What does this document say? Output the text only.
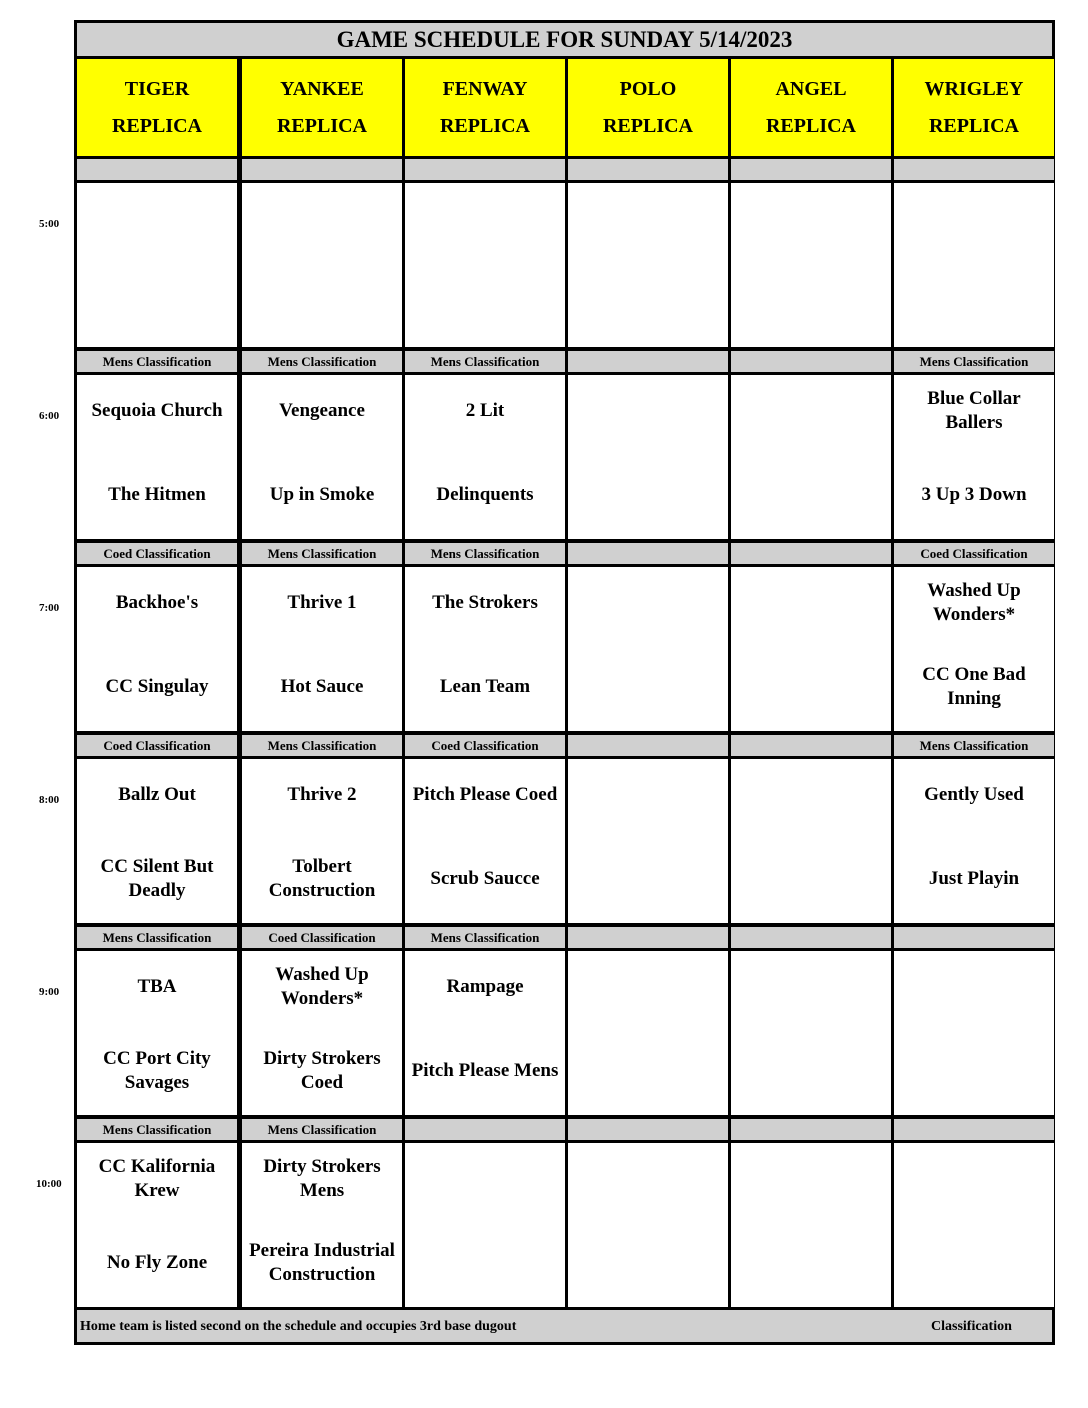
GAME SCHEDULE FOR SUNDAY 5/14/2023
TIGER
REPLICA
YANKEE
REPLICA
FENWAY
REPLICA
POLO
REPLICA
ANGEL
REPLICA
WRIGLEY
REPLICA
Mens Classification
Sequoia Church
The Hitmen
Mens Classification
Vengeance
Up in Smoke
Mens Classification
2 Lit
Delinquents
Mens Classification
Blue Collar Ballers
3 Up 3 Down
Coed Classification
Backhoe's
CC Singulay
Mens Classification
Thrive 1
Hot Sauce
Mens Classification
The Strokers
Lean Team
Coed Classification
Washed Up Wonders*
CC One Bad Inning
Coed Classification
Ballz Out
CC Silent But Deadly
Mens Classification
Thrive 2
Tolbert Construction
Coed Classification
Pitch Please Coed
Scrub Saucce
Mens Classification
Gently Used
Just Playin
Mens Classification
TBA
CC Port City Savages
Coed Classification
Washed Up Wonders*
Dirty Strokers Coed
Mens Classification
Rampage
Pitch Please Mens
Mens Classification
CC Kalifornia Krew
No Fly Zone
Mens Classification
Dirty Strokers Mens
Pereira Industrial Construction
Home team is listed second on the schedule and occupies 3rd base dugout	Classification
5:00
6:00
7:00
8:00
9:00
10:00
